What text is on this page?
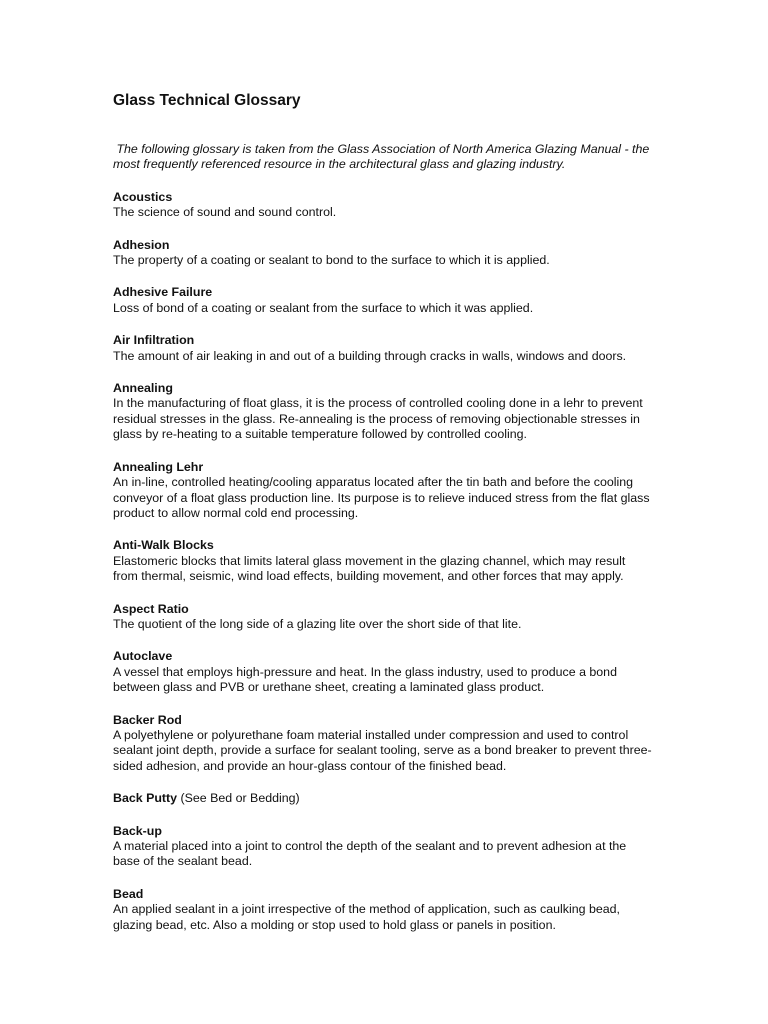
Glass Technical Glossary

The following glossary is taken from the Glass Association of North America Glazing Manual - the most frequently referenced resource in the architectural glass and glazing industry.

Acoustics
The science of sound and sound control.
Adhesion
The property of a coating or sealant to bond to the surface to which it is applied.
Adhesive Failure
Loss of bond of a coating or sealant from the surface to which it was applied.
Air Infiltration
The amount of air leaking in and out of a building through cracks in walls, windows and doors.
Annealing
In the manufacturing of float glass, it is the process of controlled cooling done in a lehr to prevent residual stresses in the glass. Re-annealing is the process of removing objectionable stresses in glass by re-heating to a suitable temperature followed by controlled cooling.
Annealing Lehr
An in-line, controlled heating/cooling apparatus located after the tin bath and before the cooling conveyor of a float glass production line. Its purpose is to relieve induced stress from the flat glass product to allow normal cold end processing.
Anti-Walk Blocks
Elastomeric blocks that limits lateral glass movement in the glazing channel, which may result from thermal, seismic, wind load effects, building movement, and other forces that may apply.
Aspect Ratio
The quotient of the long side of a glazing lite over the short side of that lite.
Autoclave
A vessel that employs high-pressure and heat. In the glass industry, used to produce a bond between glass and PVB or urethane sheet, creating a laminated glass product.
Backer Rod
A polyethylene or polyurethane foam material installed under compression and used to control sealant joint depth, provide a surface for sealant tooling, serve as a bond breaker to prevent three-sided adhesion, and provide an hour-glass contour of the finished bead.
Back Putty (See Bed or Bedding)
Back-up
A material placed into a joint to control the depth of the sealant and to prevent adhesion at the base of the sealant bead.
Bead
An applied sealant in a joint irrespective of the method of application, such as caulking bead, glazing bead, etc. Also a molding or stop used to hold glass or panels in position.
